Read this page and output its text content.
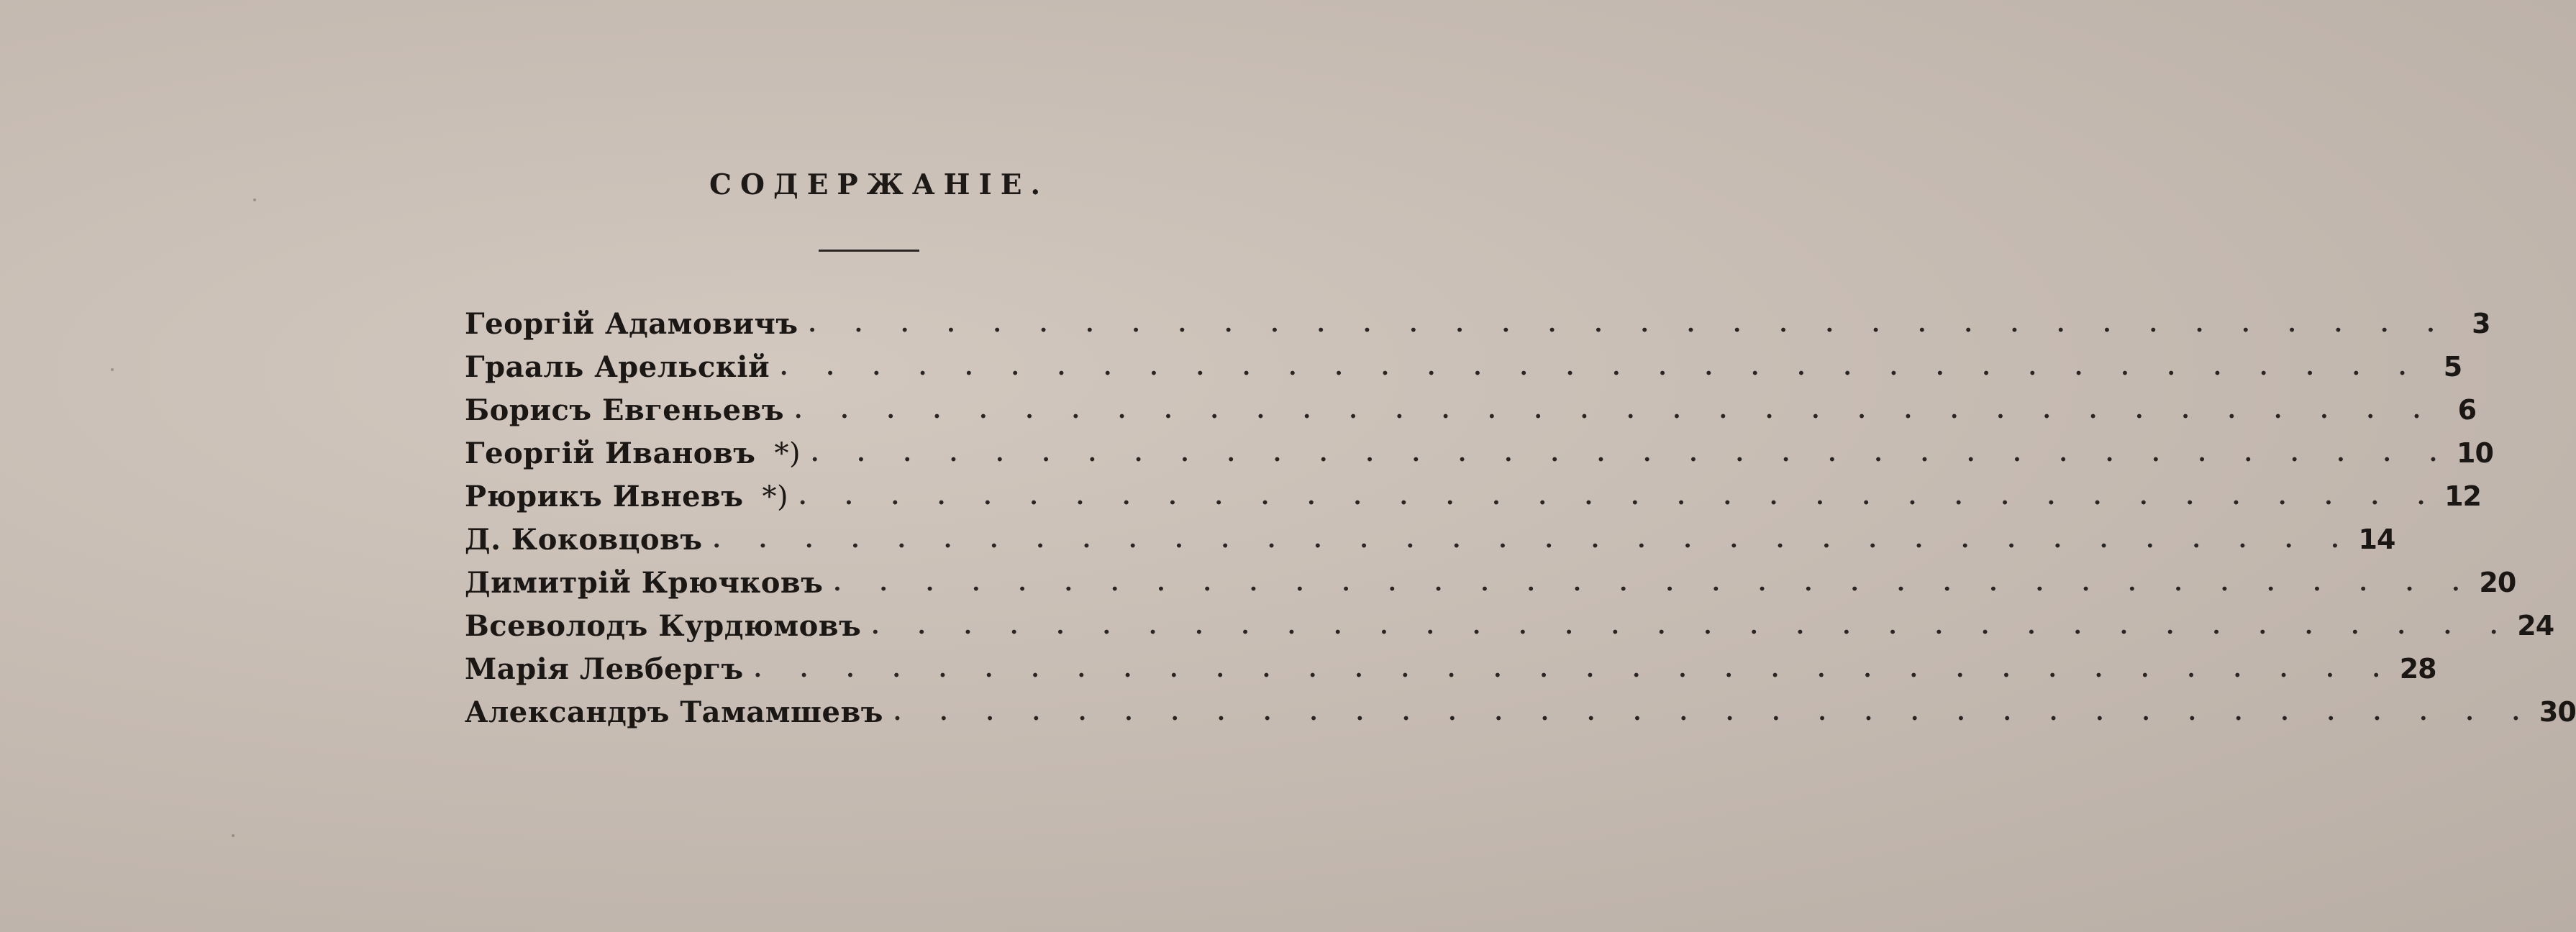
СОДЕРЖАНІЕ.
Георгій Адамовичъ . . . . . . . . . . . . . . . . . . . . . . . . . . . . . . . . . . . . 3
Грааль Арельскій . . . . . . . . . . . . . . . . . . . . . . . . . . . . . . . . . . . . 5
Борисъ Евгеньевъ . . . . . . . . . . . . . . . . . . . . . . . . . . . . . . . . . . . . 6
Георгій Ивановъ *) . . . . . . . . . . . . . . . . . . . . . . . . . . . . . . . . . . . . 10
Рюрикъ Ивневъ *) . . . . . . . . . . . . . . . . . . . . . . . . . . . . . . . . . . . . 12
Д. Коковцовъ . . . . . . . . . . . . . . . . . . . . . . . . . . . . . . . . . . . . 14
Димитрій Крючковъ . . . . . . . . . . . . . . . . . . . . . . . . . . . . . . . . . . . . 20
Всеволодъ Курдюмовъ . . . . . . . . . . . . . . . . . . . . . . . . . . . . . . . . . . . . 24
Марія Левбергъ . . . . . . . . . . . . . . . . . . . . . . . . . . . . . . . . . . . . 28
Александръ Тамамшевъ . . . . . . . . . . . . . . . . . . . . . . . . . . . . . . . . . . . . 30
